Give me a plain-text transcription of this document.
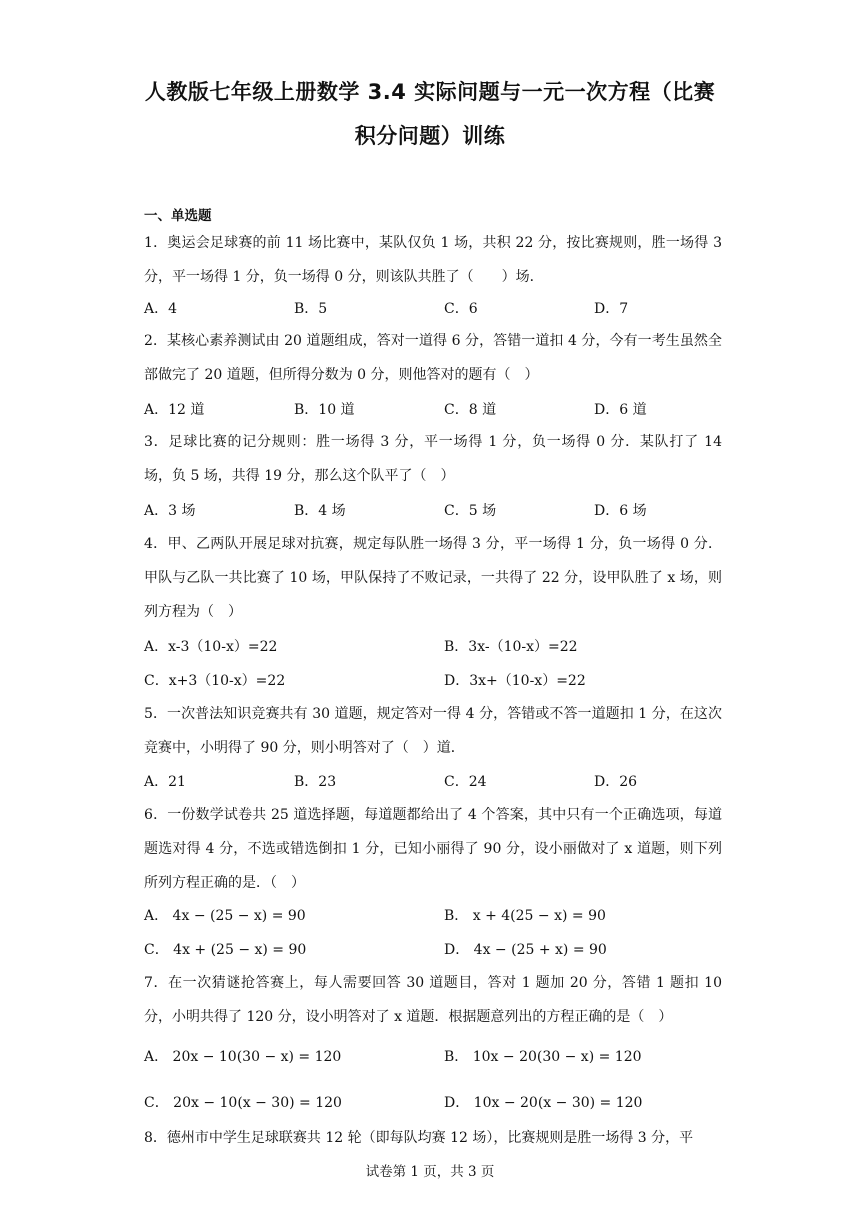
人教版七年级上册数学 3.4 实际问题与一元一次方程（比赛
积分问题）训练
一、单选题
1．奥运会足球赛的前 11 场比赛中，某队仅负 1 场，共积 22 分，按比赛规则，胜一场得 3 分，平一场得 1 分，负一场得 0 分，则该队共胜了（　　）场．
A．4	B．5	C．6	D．7
2．某核心素养测试由 20 道题组成，答对一道得 6 分，答错一道扣 4 分，今有一考生虽然全部做完了 20 道题，但所得分数为 0 分，则他答对的题有（　）
A．12 道	B．10 道	C．8 道	D．6 道
3．足球比赛的记分规则：胜一场得 3 分，平一场得 1 分，负一场得 0 分．某队打了 14 场，负 5 场，共得 19 分，那么这个队平了（　）
A．3 场	B．4 场	C．5 场	D．6 场
4．甲、乙两队开展足球对抗赛，规定每队胜一场得 3 分，平一场得 1 分，负一场得 0 分．甲队与乙队一共比赛了 10 场，甲队保持了不败记录，一共得了 22 分，设甲队胜了 x 场，则列方程为（　）
A．x-3（10-x）=22	B．3x-（10-x）=22
C．x+3（10-x）=22	D．3x+（10-x）=22
5．一次普法知识竞赛共有 30 道题，规定答对一得 4 分，答错或不答一道题扣 1 分，在这次竞赛中，小明得了 90 分，则小明答对了（　）道．
A．21	B．23	C．24	D．26
6．一份数学试卷共 25 道选择题，每道题都给出了 4 个答案，其中只有一个正确选项，每道题选对得 4 分，不选或错选倒扣 1 分，已知小丽得了 90 分，设小丽做对了 x 道题，则下列所列方程正确的是．（　）
A． 4x − (25 − x) = 90	B． x + 4(25 − x) = 90
C． 4x + (25 − x) = 90	D． 4x − (25 + x) = 90
7．在一次猜谜抢答赛上，每人需要回答 30 道题目，答对 1 题加 20 分，答错 1 题扣 10 分，小明共得了 120 分，设小明答对了 x 道题．根据题意列出的方程正确的是（　）
A． 20x − 10(30 − x) = 120	B． 10x − 20(30 − x) = 120
C． 20x − 10(x − 30) = 120	D． 10x − 20(x − 30) = 120
8．德州市中学生足球联赛共 12 轮（即每队均赛 12 场），比赛规则是胜一场得 3 分，平
试卷第 1 页，共 3 页
